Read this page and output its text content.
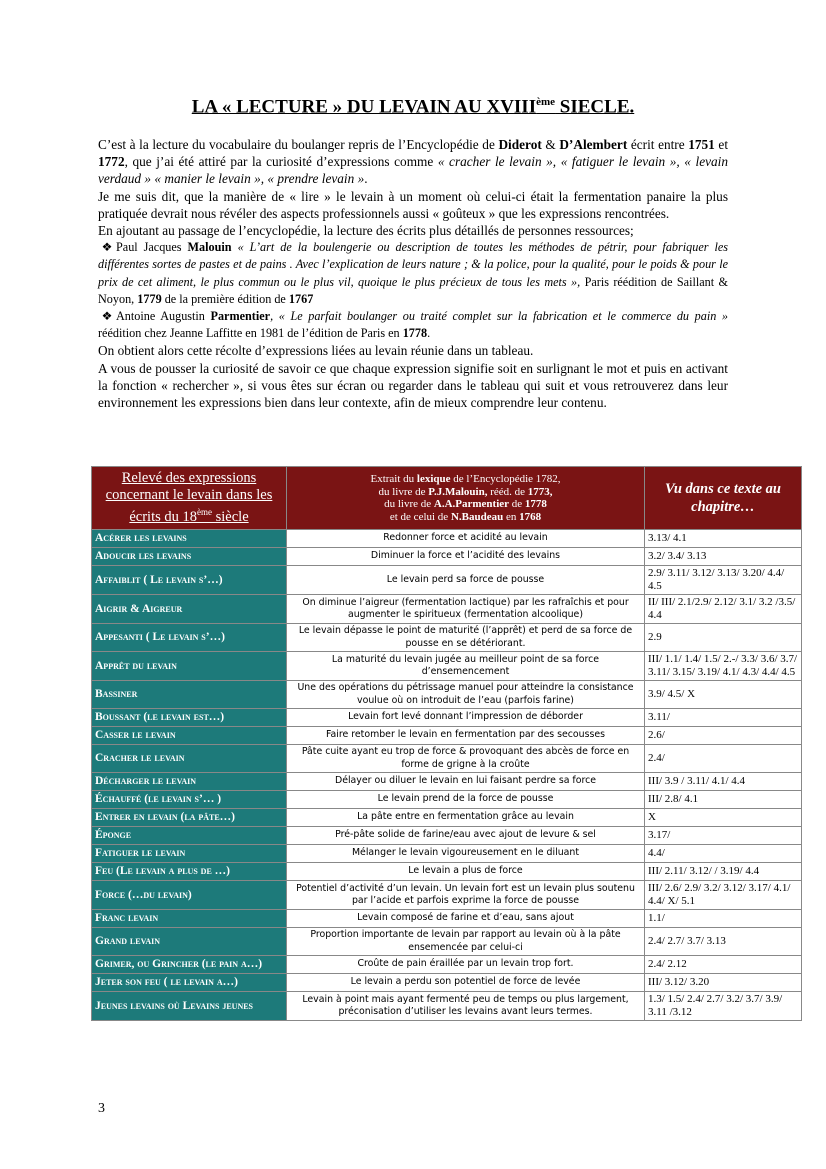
LA « LECTURE » DU LEVAIN AU XVIIIème SIECLE.

C’est à la lecture du vocabulaire du boulanger repris de l’Encyclopédie de Diderot & D’Alembert écrit entre 1751 et 1772, que j’ai été attiré par la curiosité d’expressions comme « cracher le levain », « fatiguer le levain », « levain verdaud » « manier le levain », « prendre levain ».

Je me suis dit, que la manière de « lire » le levain à un moment où celui-ci était la fermentation panaire la plus pratiquée devrait nous révéler des aspects professionnels aussi « goûteux » que les expressions rencontrées.

En ajoutant au passage de l’encyclopédie, la lecture des écrits plus détaillés de personnes ressources;

❖ Paul Jacques Malouin « L’art de la boulengerie ou description de toutes les méthodes de pétrir, pour fabriquer les différentes sortes de pastes et de pains . Avec l’explication de leurs nature ; & la police, pour la qualité, pour le poids & pour le prix de cet aliment, le plus commun ou le plus vil, quoique le plus précieux de tous les mets », Paris réédition de Saillant & Noyon, 1779 de la première édition de 1767

❖ Antoine Augustin Parmentier, « Le parfait boulanger ou traité complet sur la fabrication et le commerce du pain » réédition chez Jeanne Laffitte en 1981 de l’édition de Paris en 1778.

On obtient alors cette récolte d’expressions liées au levain réunie dans un tableau.

A vous de pousser la curiosité de savoir ce que chaque expression signifie soit en surlignant le mot et puis en activant la fonction « rechercher », si vous êtes sur écran ou regarder dans le tableau qui suit et vous retrouverez dans leur environnement les expressions bien dans leur contexte, afin de mieux comprendre leur contenu.

Relevé des expressions concernant le levain dans les écrits du 18ème siècle	Extrait du lexique de l’Encyclopédie 1782,
du livre de P.J.Malouin, rééd. de 1773,
du livre de A.A.Parmentier de 1778
et de celui de N.Baudeau en 1768	Vu dans ce texte au chapitre…
Acérer les levains	Redonner force et acidité au levain	3.13/ 4.1
Adoucir les levains	Diminuer la force et l’acidité des levains	3.2/ 3.4/ 3.13
Affaiblit ( Le levain s’…)	Le levain perd sa force de pousse	2.9/ 3.11/ 3.12/ 3.13/ 3.20/ 4.4/ 4.5
Aigrir & Aigreur	On diminue l’aigreur (fermentation lactique) par les rafraîchis et pour augmenter le spiritueux (fermentation alcoolique)	II/ III/ 2.1/2.9/ 2.12/ 3.1/ 3.2 /3.5/ 4.4
Appesanti ( Le levain s’…)	Le levain dépasse le point de maturité (l’apprêt) et perd de sa force de pousse en se détériorant.	2.9
Apprêt du levain	La maturité du levain jugée au meilleur point de sa force d’ensemencement	III/ 1.1/ 1.4/ 1.5/ 2.-/ 3.3/ 3.6/ 3.7/ 3.11/ 3.15/ 3.19/ 4.1/ 4.3/ 4.4/ 4.5
Bassiner	Une des opérations du pétrissage manuel pour atteindre la consistance voulue où on introduit de l’eau (parfois farine)	3.9/ 4.5/ X
Boussant (le levain est…)	Levain fort levé donnant l’impression de déborder	3.11/
Casser le levain	Faire retomber le levain en fermentation par des secousses	2.6/
Cracher le levain	Pâte cuite ayant eu trop de force & provoquant des abcès de force en forme de grigne à la croûte	2.4/
Décharger le levain	Délayer ou diluer le levain en lui faisant perdre sa force	III/ 3.9 / 3.11/ 4.1/ 4.4
Échauffé (le levain s’… )	Le levain prend de la force de pousse	III/ 2.8/ 4.1
Entrer en levain (la pâte…)	La pâte entre en fermentation grâce au levain	X
Éponge	Pré-pâte solide de farine/eau avec ajout de levure & sel	3.17/
Fatiguer le levain	Mélanger le levain vigoureusement en le diluant	4.4/
Feu (Le levain a plus de …)	Le levain a plus de force	III/ 2.11/ 3.12/ / 3.19/ 4.4
Force (…du levain)	Potentiel d’activité d’un levain. Un levain fort est un levain plus soutenu par l’acide et parfois exprime la force de pousse	III/ 2.6/ 2.9/ 3.2/ 3.12/ 3.17/ 4.1/ 4.4/ X/ 5.1
Franc levain	Levain composé de farine et d’eau, sans ajout	1.1/
Grand levain	Proportion importante de levain par rapport au levain où à la pâte ensemencée par celui-ci	2.4/ 2.7/ 3.7/ 3.13
Grimer, ou Grincher (le pain a…)	Croûte de pain éraillée par un levain trop fort.	2.4/ 2.12
Jeter son feu ( le levain a…)	Le levain a perdu son potentiel de force de levée	III/ 3.12/ 3.20
Jeunes levains où Levains jeunes	Levain à point mais ayant fermenté peu de temps ou plus largement, préconisation d’utiliser les levains avant leurs termes.	1.3/ 1.5/ 2.4/ 2.7/ 3.2/ 3.7/ 3.9/ 3.11 /3.12
3
